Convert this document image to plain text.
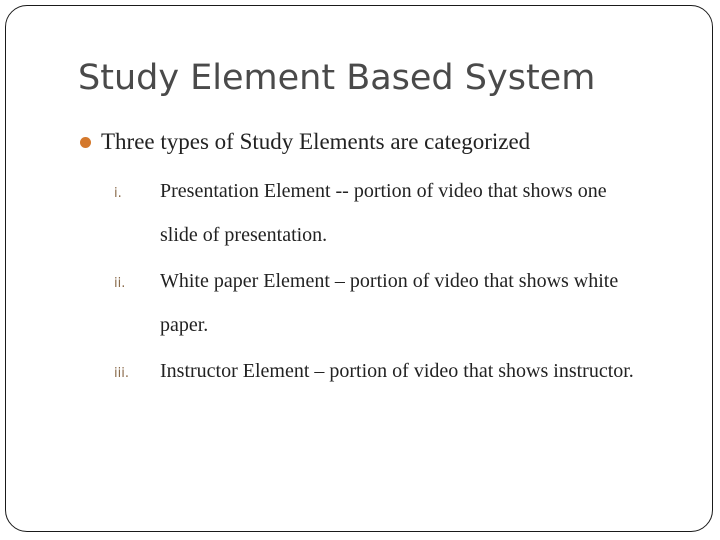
Study Element Based System
Three types of Study Elements are categorized
i. Presentation Element -- portion of video that shows one
slide of presentation.
ii. White paper Element – portion of video that shows white
paper.
iii. Instructor Element – portion of video that shows instructor.
